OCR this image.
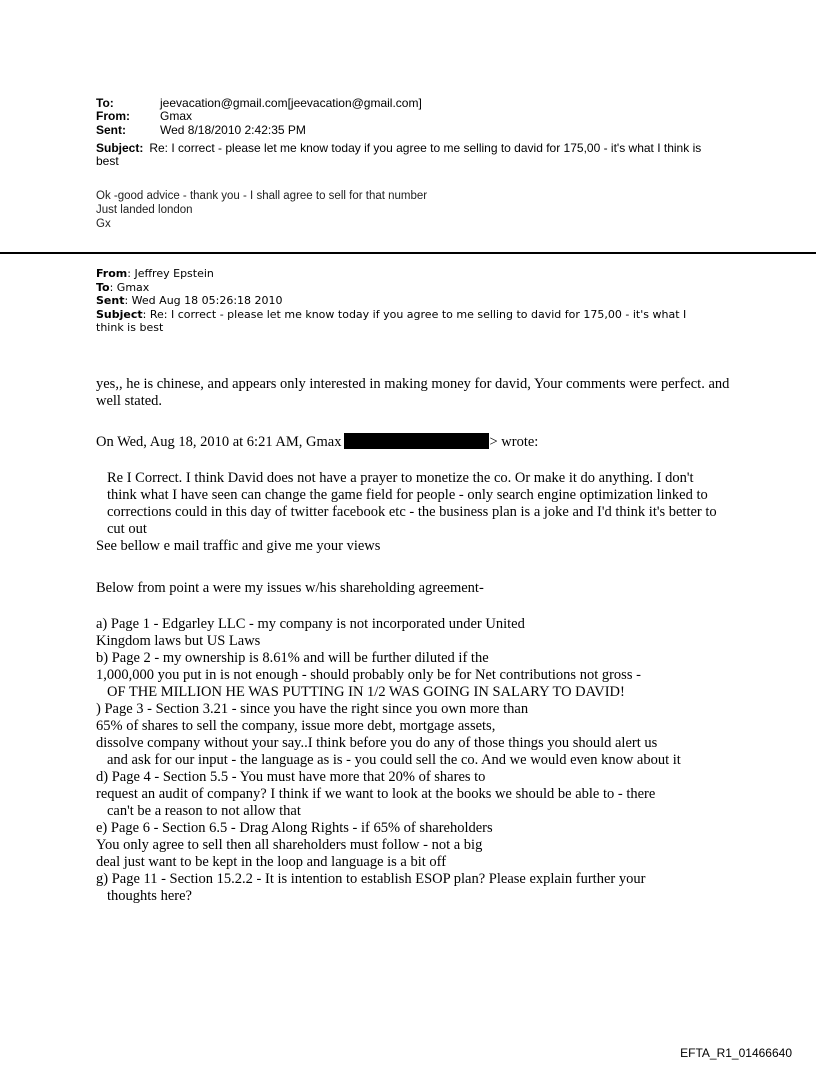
To:	jeevacation@gmail.com[jeevacation@gmail.com]
From:	Gmax
Sent:	Wed 8/18/2010 2:42:35 PM
Subject: Re: I correct - please let me know today if you agree to me selling to david for 175,00 - it's what I think is best

Ok -good advice - thank you - I shall agree to sell for that number

Just landed london

Gx

From: Jeffrey Epstein

To: Gmax

Sent: Wed Aug 18 05:26:18 2010

Subject: Re: I correct - please let me know today if you agree to me selling to david for 175,00 - it's what I think is best

yes,, he is chinese, and appears only interested in making money for david, Your comments were perfect. and well stated.

On Wed, Aug 18, 2010 at 6:21 AM, Gmax	> wrote:

Re I Correct. I think David does not have a prayer to monetize the co. Or make it do anything. I don't think what I have seen can change the game field for people - only search engine optimization linked to corrections could in this day of twitter facebook etc - the business plan is a joke and I'd think it's better to cut out

See bellow e mail traffic and give me your views

Below from point a were my issues w/his shareholding agreement-

a) Page 1 - Edgarley LLC - my company is not incorporated under United

Kingdom laws but US Laws

b) Page 2 - my ownership is 8.61% and will be further diluted if the

1,000,000 you put in is not enough - should probably only be for Net contributions not gross -

OF THE MILLION HE WAS PUTTING IN 1/2 WAS GOING IN SALARY TO DAVID!

) Page 3 - Section 3.21 - since you have the right since you own more than

65% of shares to sell the company, issue more debt, mortgage assets,

dissolve company without your say..I think before you do any of those things you should alert us

and ask for our input - the language as is - you could sell the co. And we would even know about it

d) Page 4 - Section 5.5 - You must have more that 20% of shares to

request an audit of company? I think if we want to look at the books we should be able to - there

can't be a reason to not allow that

e) Page 6 - Section 6.5 - Drag Along Rights - if 65% of shareholders

You only agree to sell then all shareholders must follow - not a big

deal just want to be kept in the loop and language is a bit off

g) Page 11 - Section 15.2.2 - It is intention to establish ESOP plan? Please explain further your

thoughts here?

EFTA_R1_01466640
